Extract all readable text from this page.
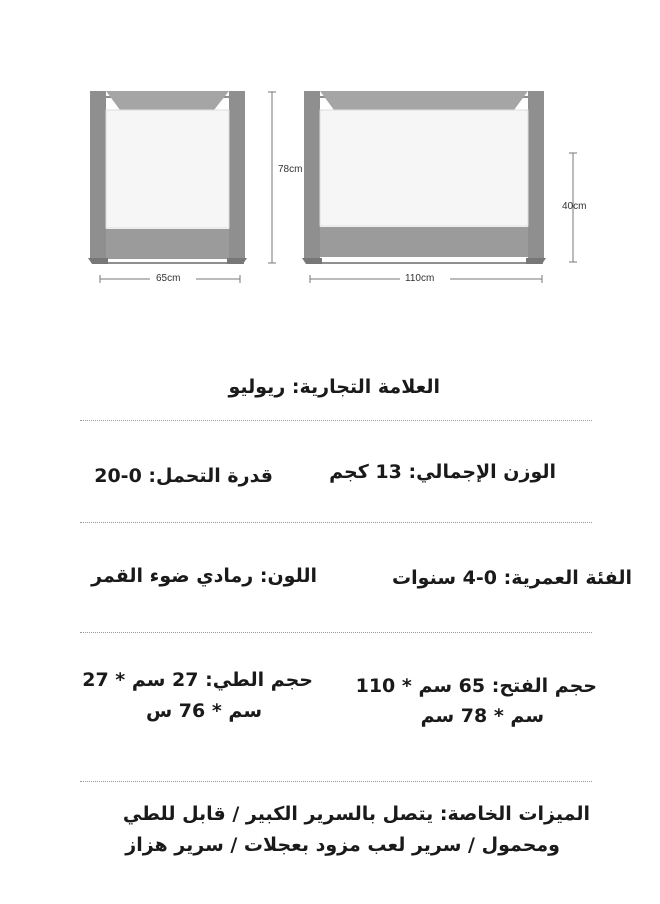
65cm	110cm
78cm
40cm
العلامة التجارية: ريوليو
الوزن الإجمالي: 13 كجم
قدرة التحمل: 0-20
الفئة العمرية: 0-4 سنوات
اللون: رمادي ضوء القمر
حجم الفتح: 65 سم * 110
سم * 78 سم
حجم الطي: 27 سم * 27
سم * 76 س
الميزات الخاصة: يتصل بالسرير الكبير / قابل للطي
ومحمول / سرير لعب مزود بعجلات / سرير هزاز
